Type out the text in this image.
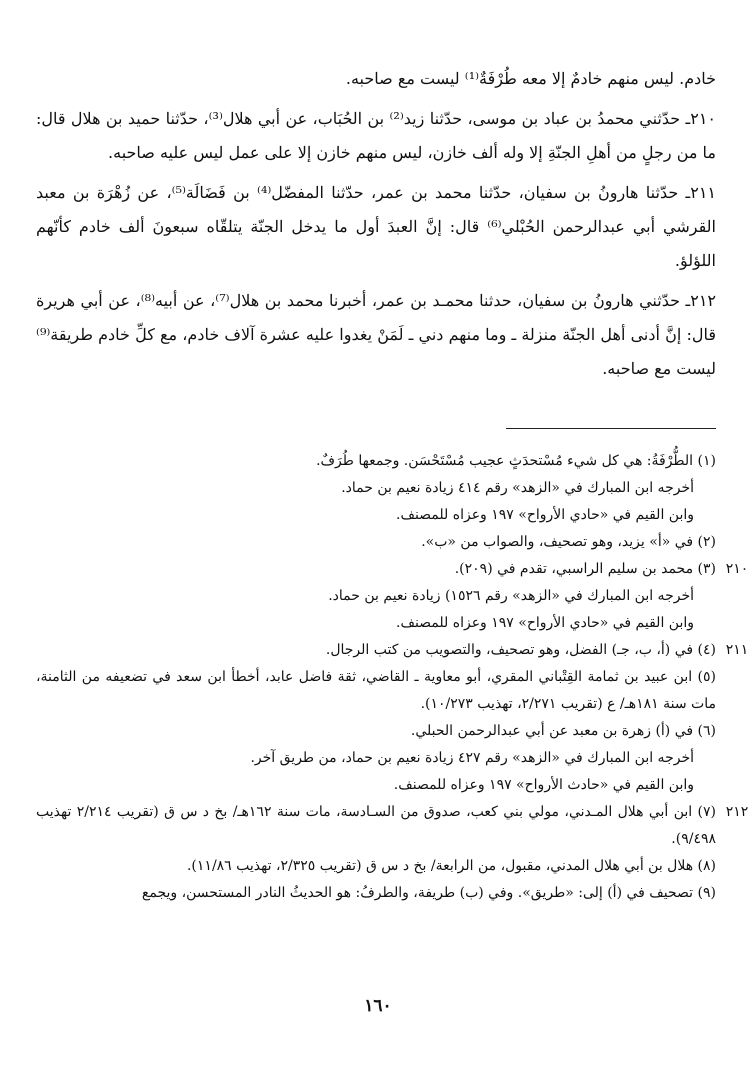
خادم. ليس منهم خادمٌ إلا معه طُرْفَةٌ⁽¹⁾ ليست مع صاحبه.

٢١٠ـ حدّثني محمدُ بن عباد بن موسى، حدّثنا زيد⁽²⁾ بن الحُبَاب، عن أبي هلال⁽³⁾، حدّثنا حميد بن هلال قال: ما من رجلٍ من أهلِ الجنّةِ إلا وله ألف خازن، ليس منهم خازن إلا على عمل ليس عليه صاحبه.

٢١١ـ حدّثنا هارونُ بن سفيان، حدّثنا محمد بن عمر، حدّثنا المفضّل⁽⁴⁾ بن فَضَالَة⁽⁵⁾، عن زُهْرَة بن معبد القرشي أبي عبدالرحمن الحُبْلي⁽⁶⁾ قال: إنَّ العبدَ أول ما يدخل الجنّة يتلقّاه سبعونَ ألف خادم كأنّهم اللؤلؤ.

٢١٢ـ حدّثني هارونُ بن سفيان، حدثنا محمـد بن عمر، أخبرنا محمد بن هلال⁽⁷⁾، عن أبيه⁽⁸⁾، عن أبي هريرة قال: إنَّ أدنى أهل الجنّة منزلة ـ وما منهم دني ـ لَمَنْ يغدوا عليه عشرة آلاف خادم، مع كلِّ خادم طريقة⁽⁹⁾ ليست مع صاحبه.

(١) الطُّرْفَةُ: هي كل شيء مُسْتحدَثٍ عجيب مُسْتَحْسَن. وجمعها طُرَفٌ.
أخرجه ابن المبارك في «الزهد» رقم ٤١٤ زيادة نعيم بن حماد.
وابن القيم في «حادي الأرواح» ١٩٧ وعزاه للمصنف.
(٢) في «أ» يزيد، وهو تصحيف، والصواب من «ب».
٢١٠
(٣) محمد بن سليم الراسبي، تقدم في (٢٠٩).
أخرجه ابن المبارك في «الزهد» رقم ١٥٢٦) زيادة نعيم بن حماد.
وابن القيم في «حادي الأرواح» ١٩٧ وعزاه للمصنف.
٢١١
(٤) في (أ، ب، جـ) الفضل، وهو تصحيف، والتصويب من كتب الرجال.
(٥) ابن عبيد بن ثمامة القِتْباني المقري، أبو معاوية ـ القاضي، ثقة فاضل عابد، أخطأ ابن سعد في تضعيفه من الثامنة، مات سنة ١٨١هـ/ ع (تقريب ٢/٢٧١، تهذيب ١٠/٢٧٣).
(٦) في (أ) زهرة بن معبد عن أبي عبدالرحمن الحبلي.
أخرجه ابن المبارك في «الزهد» رقم ٤٢٧ زيادة نعيم بن حماد، من طريق آخر.
وابن القيم في «حادث الأرواح» ١٩٧ وعزاه للمصنف.
٢١٢
(٧) ابن أبي هلال المـدني، مولي بني كعب، صدوق من السـادسة، مات سنة ١٦٢هـ/ بخ د س ق (تقريب ٢/٢١٤ تهذيب ٩/٤٩٨).
(٨) هلال بن أبي هلال المدني، مقبول، من الرابعة/ بخ د س ق (تقريب ٢/٣٢٥، تهذيب ١١/٨٦).
(٩) تصحيف في (أ) إلى: «طريق». وفي (ب) طريفة، والطرفُ: هو الحديثُ النادر المستحسن، ويجمع
١٦٠
